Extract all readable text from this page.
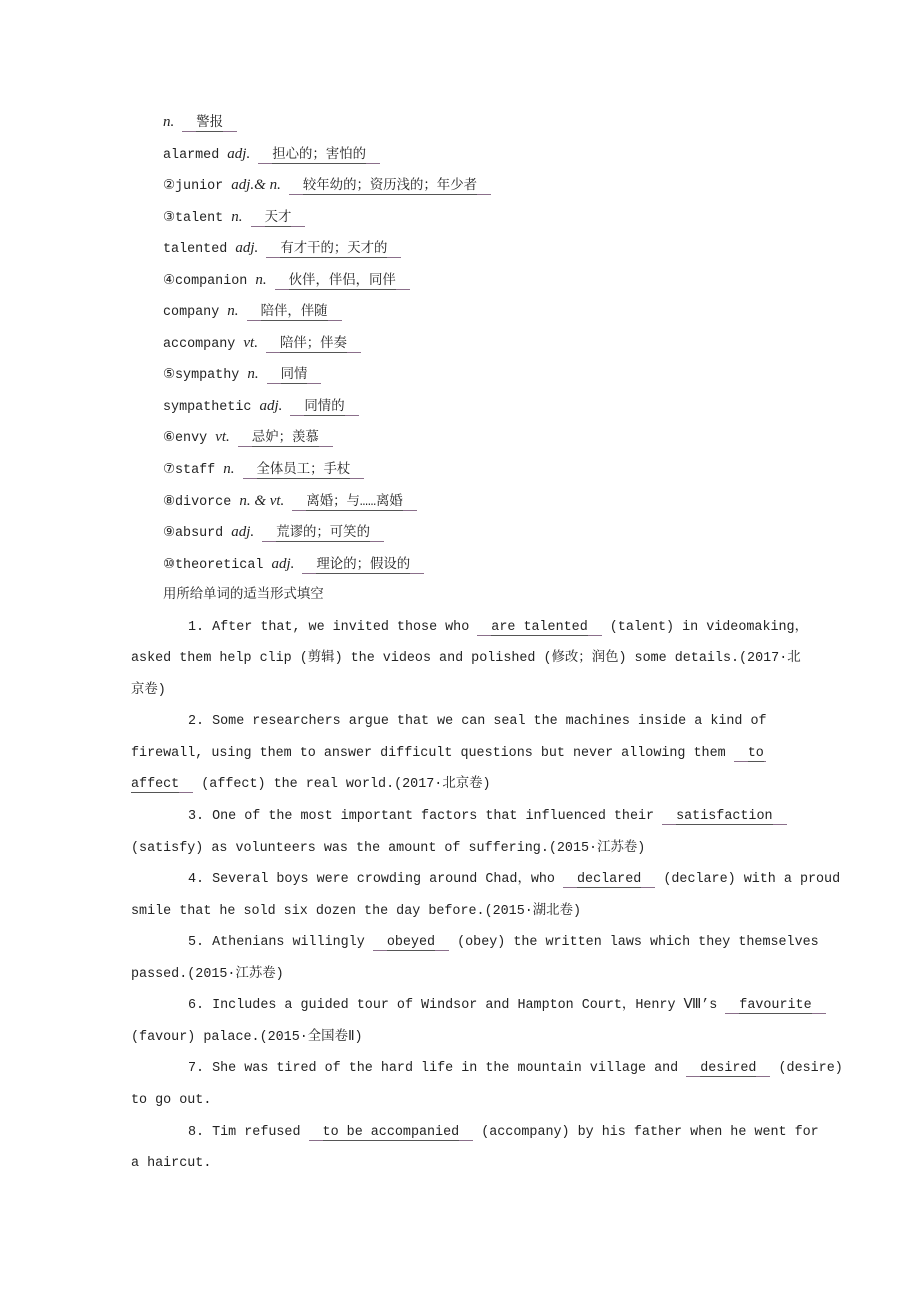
n. 警报
alarmed adj. 担心的；害怕的
②junior adj.& n. 较年幼的；资历浅的；年少者
③talent n. 天才
talented adj. 有才干的；天才的
④companion n. 伙伴，伴侣，同伴
company n. 陪伴，伴随
accompany vt. 陪伴；伴奏
⑤sympathy n. 同情
sympathetic adj. 同情的
⑥envy vt. 忌妒；羡慕
⑦staff n. 全体员工；手杖
⑧divorce n. & vt. 离婚；与……离婚
⑨absurd adj. 荒谬的；可笑的
⑩theoretical adj. 理论的；假设的
用所给单词的适当形式填空
1. After that, we invited those who are talented (talent) in videomaking，
asked them help clip (剪辑) the videos and polished (修改；润色) some details.(2017·北
京卷)
2. Some researchers argue that we can seal the machines inside a kind of
firewall, using them to answer difficult questions but never allowing them to
affect (affect) the real world.(2017·北京卷)
3. One of the most important factors that influenced their satisfaction
(satisfy) as volunteers was the amount of suffering.(2015·江苏卷)
4. Several boys were crowding around Chad，who declared (declare) with a proud
smile that he sold six dozen the day before.(2015·湖北卷)
5. Athenians willingly obeyed (obey) the written laws which they themselves
passed.(2015·江苏卷)
6. Includes a guided tour of Windsor and Hampton Court，Henry Ⅷ’s favourite
(favour) palace.(2015·全国卷Ⅱ)
7. She was tired of the hard life in the mountain village and desired (desire)
to go out.
8. Tim refused to be accompanied (accompany) by his father when he went for
a haircut.
